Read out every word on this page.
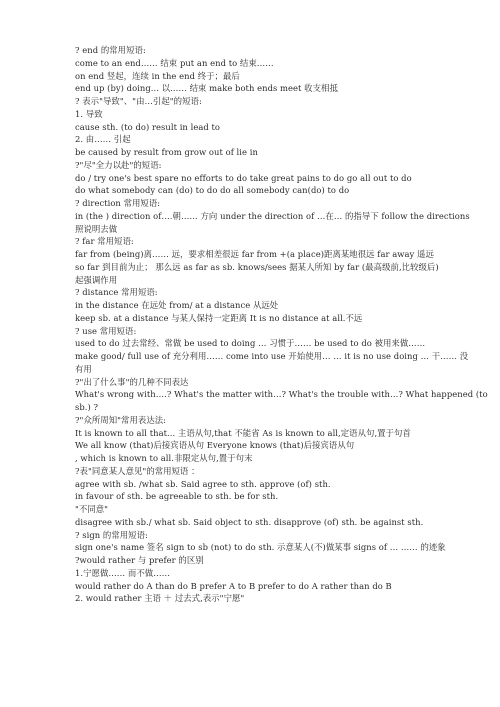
? end 的常用短语:
come to an end…… 结束 put an end to 结束……
on end 竖起，连续 in the end 终于；最后
end up (by) doing... 以…… 结束 make both ends meet 收支相抵
? 表示"导致"、"由…引起"的短语:
1. 导致
cause sth. (to do) result in lead to
2. 由…… 引起
be caused by result from grow out of lie in
?"尽"全力以赴"的短语:
do / try one's best spare no efforts to do take great pains to do go all out to do
do what somebody can (do) to do do all somebody can(do) to do
? direction 常用短语:
in (the ) direction of….朝…… 方向 under the direction of …在… 的指导下 follow the directions
照说明去做
? far 常用短语:
far from (being)离…… 远，要求相差很远 far from +(a place)距离某地很远 far away 遥远
so far 到目前为止； 那么远 as far as sb. knows/sees 据某人所知 by far (最高级前,比较级后)
起强调作用
? distance 常用短语:
in the distance 在远处 from/ at a distance 从远处
keep sb. at a distance 与某人保持一定距离 It is no distance at all.不远
? use 常用短语:
used to do 过去常经、常做 be used to doing … 习惯于…… be used to do 被用来做……
make good/ full use of 充分利用…… come into use 开始使用… … it is no use doing … 干…… 没
有用
?"出了什么事"的几种不同表达
What's wrong with….? What's the matter with…? What's the trouble with…? What happened (to
sb.) ?
?"众所周知"常用表达法:
It is known to all that... 主语从句,that 不能省 As is known to all,定语从句,置于句首
We all know (that)后接宾语从句 Everyone knows (that)后接宾语从句
, which is known to all.非限定从句,置于句末
?表"同意某人意见"的常用短语 ：
agree with sb. /what sb. Said agree to sth. approve (of) sth.
in favour of sth. be agreeable to sth. be for sth.
"不同意"
disagree with sb./ what sb. Said object to sth. disapprove (of) sth. be against sth.
? sign 的常用短语:
sign one's name 签名 sign to sb (not) to do sth. 示意某人(不)做某事 signs of … …… 的迹象
?would rather 与 prefer 的区别
1.宁愿做…… 而不做……
would rather do A than do B prefer A to B prefer to do A rather than do B
2. would rather 主语 ＋ 过去式,表示"宁愿"
